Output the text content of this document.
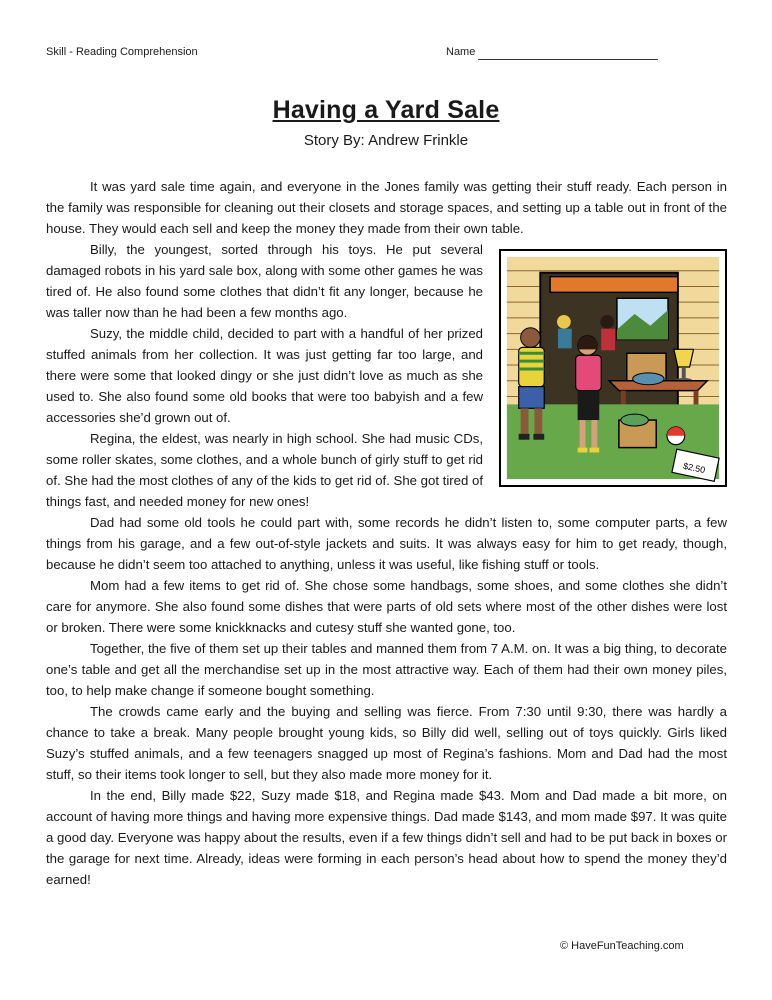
Skill - Reading Comprehension	Name
Having a Yard Sale
Story By: Andrew Frinkle

It was yard sale time again, and everyone in the Jones family was getting their stuff ready. Each person in the family was responsible for cleaning out their closets and storage spaces, and setting up a table out in front of the house. They would each sell and keep the money they made from their own table.

$2.50

Billy, the youngest, sorted through his toys. He put several damaged robots in his yard sale box, along with some other games he was tired of. He also found some clothes that didn’t fit any longer, because he was taller now than he had been a few months ago.

Suzy, the middle child, decided to part with a handful of her prized stuffed animals from her collection. It was just getting far too large, and there were some that looked dingy or she just didn’t love as much as she used to. She also found some old books that were too babyish and a few accessories she’d grown out of.

Regina, the eldest, was nearly in high school. She had music CDs, some roller skates, some clothes, and a whole bunch of girly stuff to get rid of. She had the most clothes of any of the kids to get rid of. She got tired of things fast, and needed money for new ones!

Dad had some old tools he could part with, some records he didn’t listen to, some computer parts, a few things from his garage, and a few out-of-style jackets and suits. It was always easy for him to get ready, though, because he didn’t seem too attached to anything, unless it was useful, like fishing stuff or tools.

Mom had a few items to get rid of. She chose some handbags, some shoes, and some clothes she didn’t care for anymore. She also found some dishes that were parts of old sets where most of the other dishes were lost or broken. There were some knickknacks and cutesy stuff she wanted gone, too.

Together, the five of them set up their tables and manned them from 7 A.M. on. It was a big thing, to decorate one’s table and get all the merchandise set up in the most attractive way. Each of them had their own money piles, too, to help make change if someone bought something.

The crowds came early and the buying and selling was fierce. From 7:30 until 9:30, there was hardly a chance to take a break. Many people brought young kids, so Billy did well, selling out of toys quickly. Girls liked Suzy’s stuffed animals, and a few teenagers snagged up most of Regina’s fashions. Mom and Dad had the most stuff, so their items took longer to sell, but they also made more money for it.

In the end, Billy made $22, Suzy made $18, and Regina made $43. Mom and Dad made a bit more, on account of having more things and having more expensive things. Dad made $143, and mom made $97. It was quite a good day. Everyone was happy about the results, even if a few things didn’t sell and had to be put back in boxes or the garage for next time. Already, ideas were forming in each person’s head about how to spend the money they’d earned!

© HaveFunTeaching.com
